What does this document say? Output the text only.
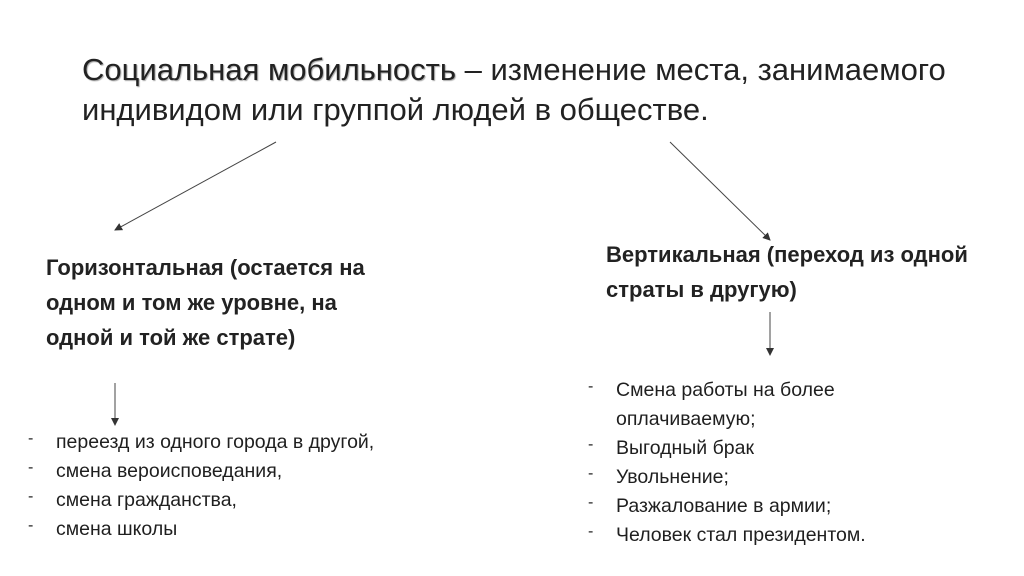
Социальная мобильность – изменение места, занимаемого индивидом или группой людей в обществе.
Горизонтальная (остается на одном и том же уровне, на одной и той же страте)
Вертикальная (переход из одной страты в другую)
- переезд из одного города в другой,
- смена вероисповедания,
- смена гражданства,
- смена школы
- Смена работы на более оплачиваемую;
- Выгодный брак
- Увольнение;
- Разжалование в армии;
- Человек стал президентом.
